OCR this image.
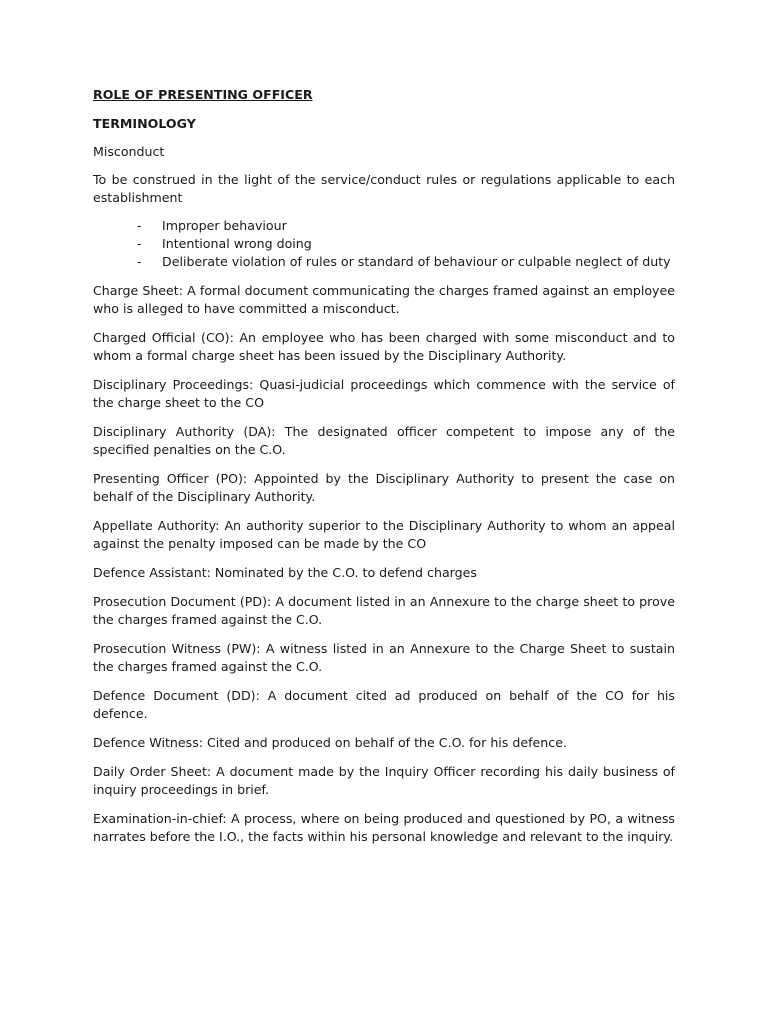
ROLE OF PRESENTING OFFICER
TERMINOLOGY
Misconduct
To be construed in the light of the service/conduct rules or regulations applicable to each establishment
- Improper behaviour
- Intentional wrong doing
- Deliberate violation of rules or standard of behaviour or culpable neglect of duty
Charge Sheet: A formal document communicating the charges framed against an employee who is alleged to have committed a misconduct.
Charged Official (CO): An employee who has been charged with some misconduct and to whom a formal charge sheet has been issued by the Disciplinary Authority.
Disciplinary Proceedings: Quasi-judicial proceedings which commence with the service of the charge sheet to the CO
Disciplinary Authority (DA): The designated officer competent to impose any of the specified penalties on the C.O.
Presenting Officer (PO): Appointed by the Disciplinary Authority to present the case on behalf of the Disciplinary Authority.
Appellate Authority: An authority superior to the Disciplinary Authority to whom an appeal against the penalty imposed can be made by the CO
Defence Assistant: Nominated by the C.O. to defend charges
Prosecution Document (PD): A document listed in an Annexure to the charge sheet to prove the charges framed against the C.O.
Prosecution Witness (PW): A witness listed in an Annexure to the Charge Sheet to sustain the charges framed against the C.O.
Defence Document (DD): A document cited ad produced on behalf of the CO for his defence.
Defence Witness: Cited and produced on behalf of the C.O. for his defence.
Daily Order Sheet: A document made by the Inquiry Officer recording his daily business of inquiry proceedings in brief.
Examination-in-chief: A process, where on being produced and questioned by PO, a witness narrates before the I.O., the facts within his personal knowledge and relevant to the inquiry.
